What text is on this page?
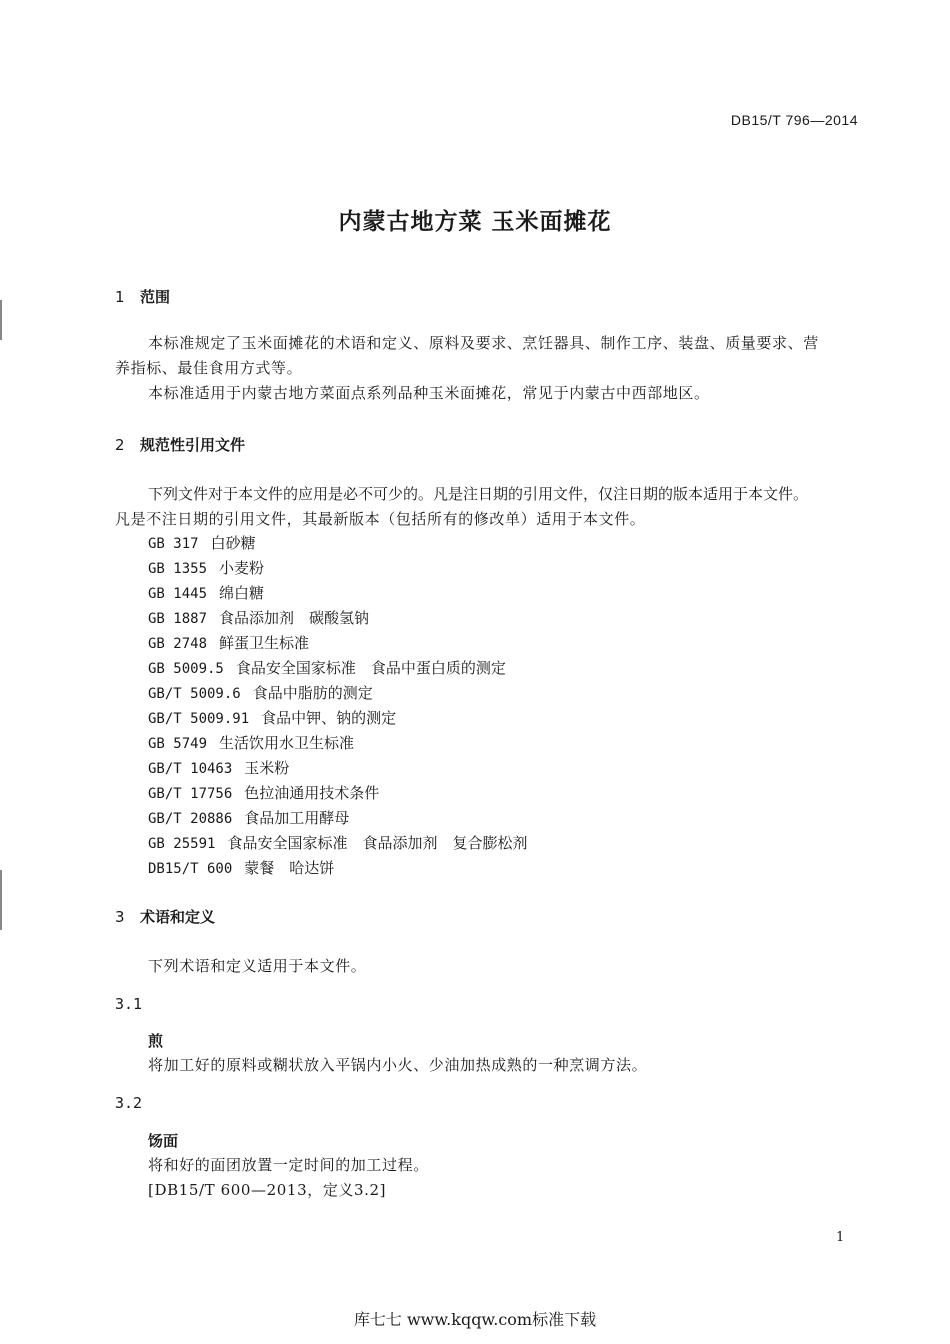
DB15/T 796—2014
内蒙古地方菜 玉米面摊花
1 范围
本标准规定了玉米面摊花的术语和定义、原料及要求、烹饪器具、制作工序、装盘、质量要求、营
养指标、最佳食用方式等。
本标准适用于内蒙古地方菜面点系列品种玉米面摊花，常见于内蒙古中西部地区。
2 规范性引用文件
下列文件对于本文件的应用是必不可少的。凡是注日期的引用文件，仅注日期的版本适用于本文件。
凡是不注日期的引用文件，其最新版本（包括所有的修改单）适用于本文件。
GB 317 白砂糖
GB 1355 小麦粉
GB 1445 绵白糖
GB 1887 食品添加剂　碳酸氢钠
GB 2748 鲜蛋卫生标准
GB 5009.5 食品安全国家标准　食品中蛋白质的测定
GB/T 5009.6 食品中脂肪的测定
GB/T 5009.91 食品中钾、钠的测定
GB 5749 生活饮用水卫生标准
GB/T 10463 玉米粉
GB/T 17756 色拉油通用技术条件
GB/T 20886 食品加工用酵母
GB 25591 食品安全国家标准　食品添加剂　复合膨松剂
DB15/T 600 蒙餐　哈达饼
3 术语和定义
下列术语和定义适用于本文件。
3.1
煎
将加工好的原料或糊状放入平锅内小火、少油加热成熟的一种烹调方法。
3.2
饧面
将和好的面团放置一定时间的加工过程。
[DB15/T 600—2013，定义3.2]
1
库七七 www.kqqw.com标准下载
